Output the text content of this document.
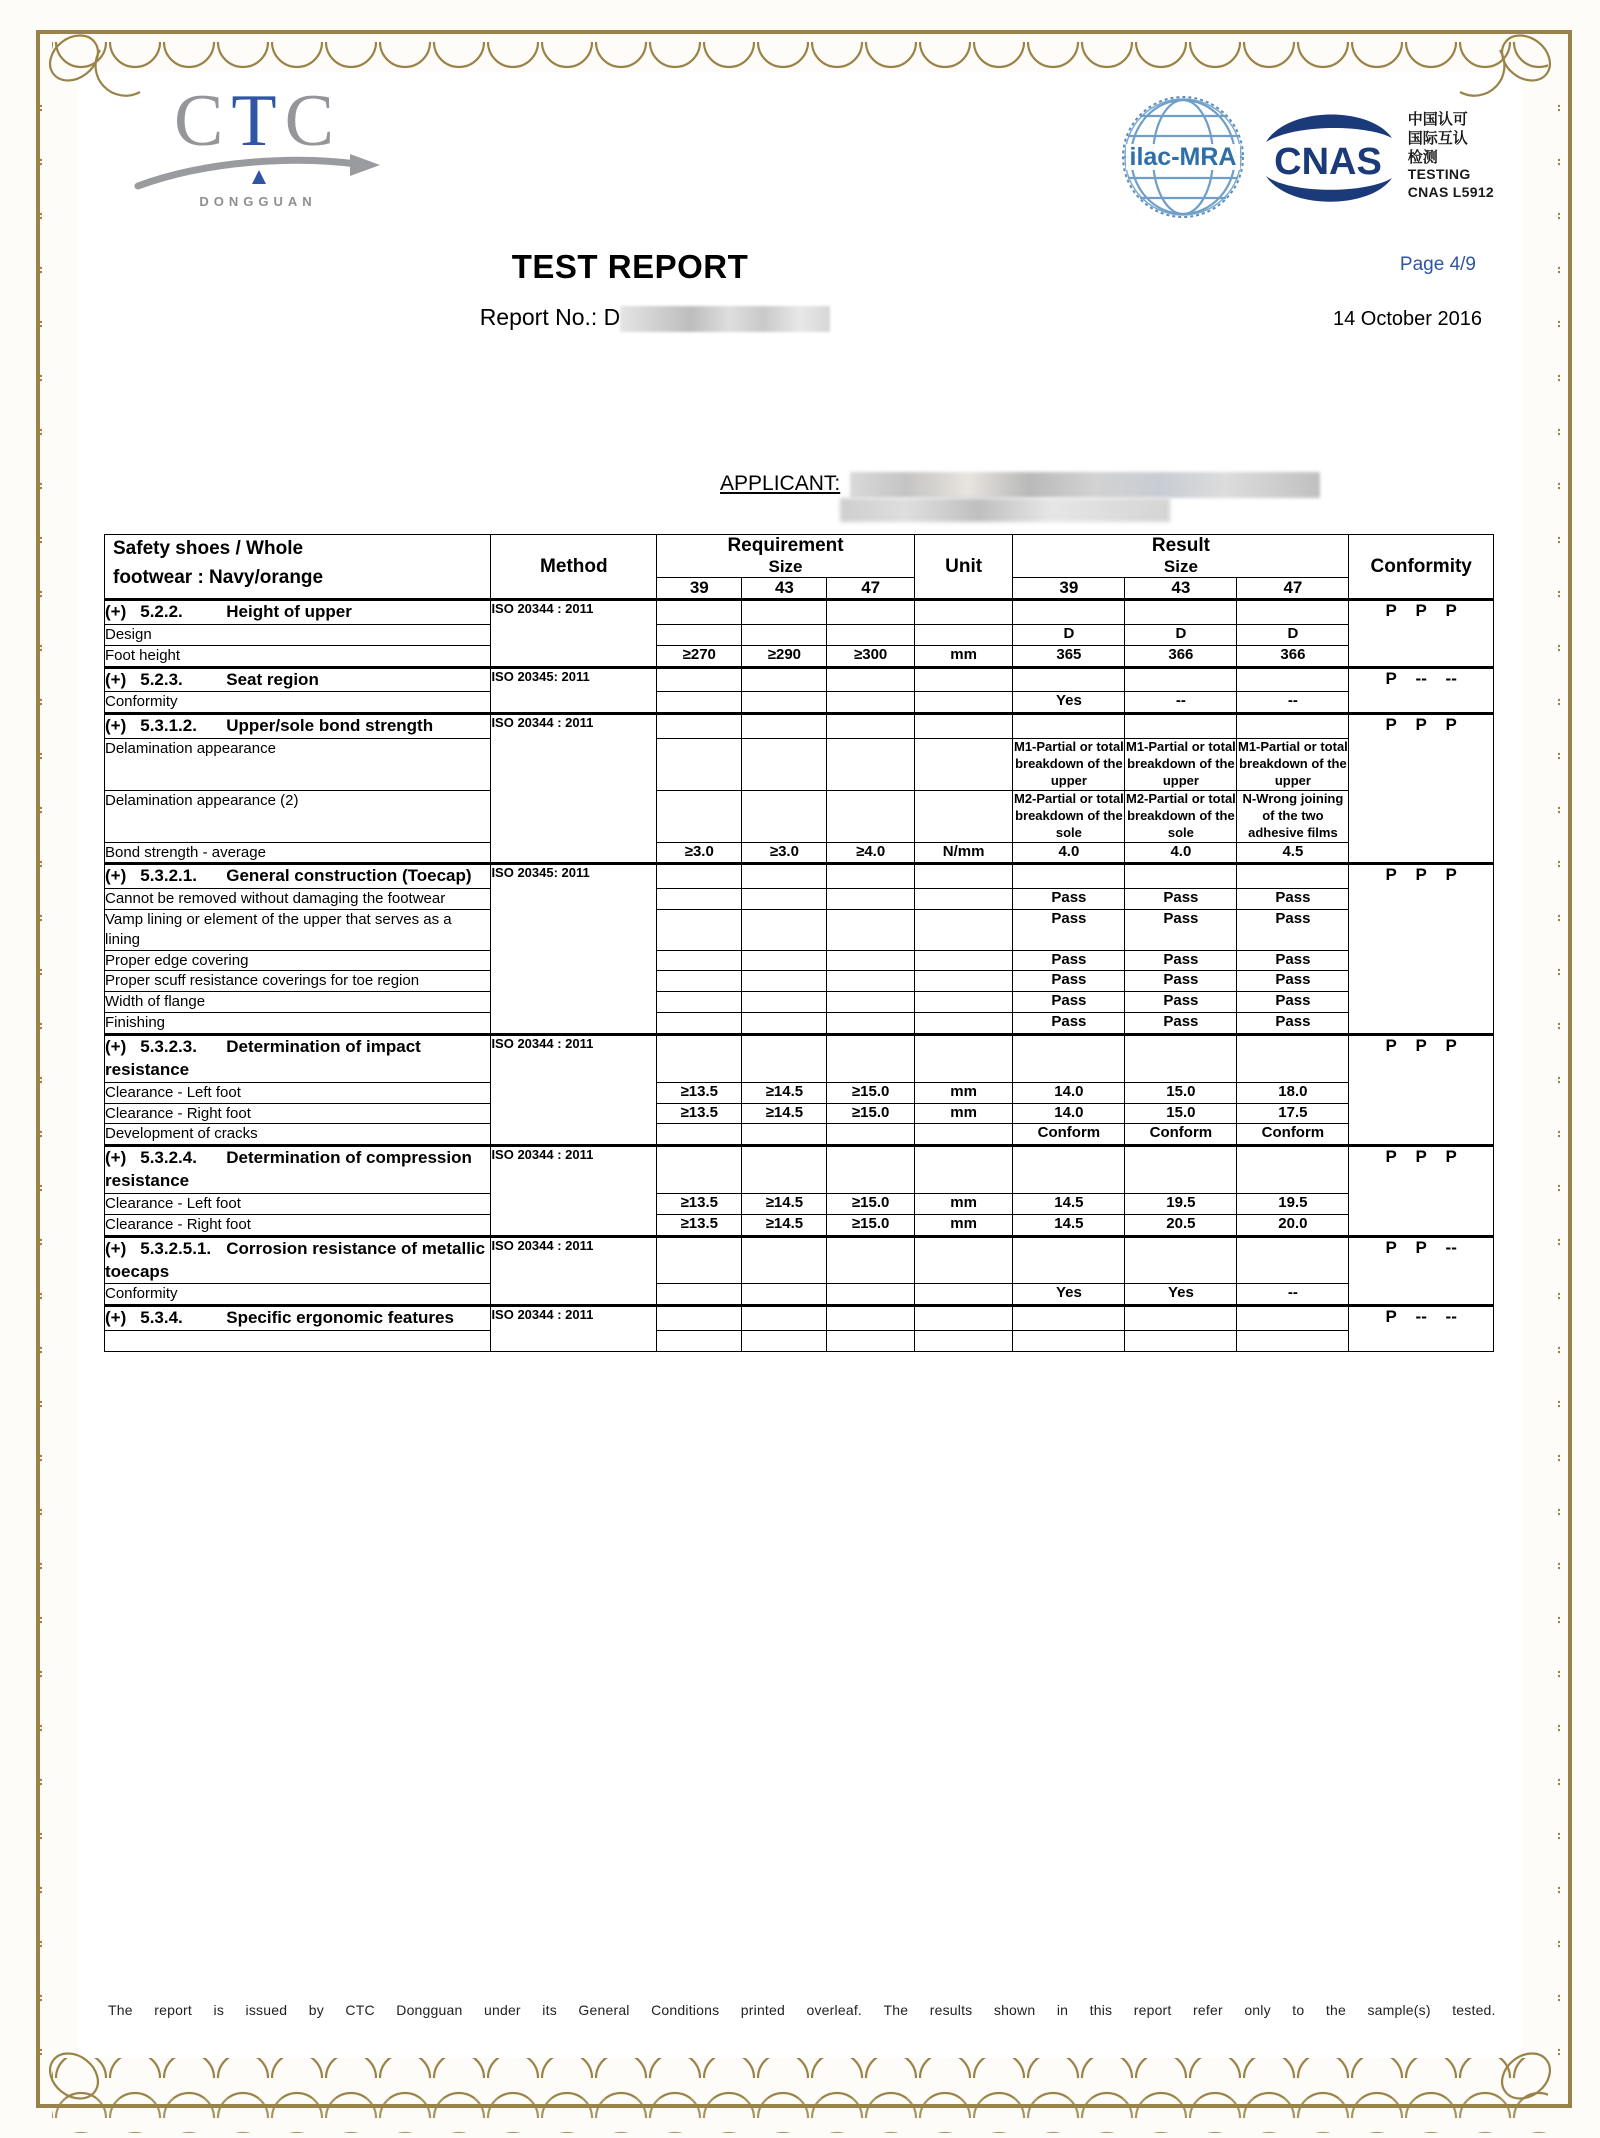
CTC
DONGGUAN
ilac-MRA CNAS
中国认可
国际互认
检测
TESTING
CNAS L5912
TEST REPORT	Page 4/9
Report No.: D	14 October 2016
APPLICANT:
Safety shoes / Whole
footwear : Navy/orange
	Method	
Requirement
Size	Unit	
Result
Size	Conformity
		39	43	47		39	43	47	
(+) 5.2.2. Height of upper	ISO 20344 : 2011								P P P
Design						D	D	D	
Foot height		≥270	≥290	≥300	mm	365	366	366	
(+) 5.2.3. Seat region	ISO 20345: 2011								P -- --
Conformity						Yes	--	--	
(+) 5.3.1.2. Upper/sole bond strength	ISO 20344 : 2011								P P P
Delamination appearance						M1-Partial or total breakdown of the upper	M1-Partial or total breakdown of the upper	M1-Partial or total breakdown of the upper	
Delamination appearance (2)						M2-Partial or total breakdown of the sole	M2-Partial or total breakdown of the sole	N-Wrong joining of the two adhesive films	
Bond strength - average		≥3.0	≥3.0	≥4.0	N/mm	4.0	4.0	4.5	
(+) 5.3.2.1. General construction (Toecap)	ISO 20345: 2011								P P P
Cannot be removed without damaging the footwear						Pass	Pass	Pass	
Vamp lining or element of the upper that serves as a lining						Pass	Pass	Pass	
Proper edge covering						Pass	Pass	Pass	
Proper scuff resistance coverings for toe region						Pass	Pass	Pass	
Width of flange						Pass	Pass	Pass	
Finishing						Pass	Pass	Pass	
(+) 5.3.2.3. Determination of impact resistance	ISO 20344 : 2011								P P P
Clearance - Left foot		≥13.5	≥14.5	≥15.0	mm	14.0	15.0	18.0	
Clearance - Right foot		≥13.5	≥14.5	≥15.0	mm	14.0	15.0	17.5	
Development of cracks						Conform	Conform	Conform	
(+) 5.3.2.4. Determination of compression resistance	ISO 20344 : 2011								P P P
Clearance - Left foot		≥13.5	≥14.5	≥15.0	mm	14.5	19.5	19.5	
Clearance - Right foot		≥13.5	≥14.5	≥15.0	mm	14.5	20.5	20.0	
(+) 5.3.2.5.1. Corrosion resistance of metallic toecaps	ISO 20344 : 2011								P P --
Conformity						Yes	Yes	--	
(+) 5.3.4. Specific ergonomic features	ISO 20344 : 2011								P -- --

The report is issued by CTC Dongguan under its General Conditions printed overleaf. The results shown in this report refer only to the sample(s) tested.
